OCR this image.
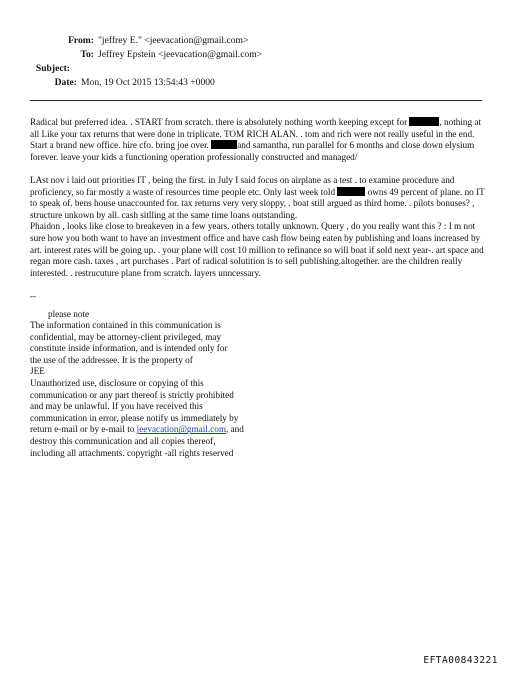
From: "jeffrey E." <jeevacation@gmail.com>
To: Jeffrey Epstein <jeevacation@gmail.com>
Subject:
Date: Mon, 19 Oct 2015 13:54:43 +0000

Radical but preferred idea. . START from scratch. there is absolutely nothing worth keeping except for	, nothing at all Like your tax returns that were done in triplicate. TOM RICH ALAN. . tom and rich were not really useful in the end. Start a brand new office. hire cfo. bring joe over.	and samantha, run parallel for 6 months and close down elysium forever. leave your kids a functioning operation professionally constructed and managed/

LAst nov i laid out priorities IT , being the first. in July I said focus on airplane as a test . to examine procedure and proficiency, so far mostly a waste of resources time people etc. Only last week told	owns 49 percent of plane. no IT to speak of. bens house unaccounted for. tax returns very very sloppy, . boat still argued as third home. . pilots bonuses? , structure unkown by all. cash sitlling at the same time loans outstanding.
Phaidon , looks like close to breakeven in a few years. others totally unknown. Query , do you really want this ? : I m not sure how you both want to have an investment office and have cash flow being eaten by publishing and loans increased by art. interest rates will be going up. . your plane will cost 10 million to refinance so will boat if sold next year-. art space and regan more cash. taxes , art purchases . Part of radical solutition is to sell publishing.altogether. are the children really interested. . restrucuture plane from scratch. layers unncessary.

--
please note
The information contained in this communication is
confidential, may be attorney-client privileged, may
constitute inside information, and is intended only for
the use of the addressee. It is the property of
JEE
Unauthorized use, disclosure or copying of this
communication or any part thereof is strictly prohibited
and may be unlawful. If you have received this
communication in error, please notify us immediately by
return e-mail or by e-mail to jeevacation@gmail.com, and
destroy this communication and all copies thereof,
including all attachments. copyright -all rights reserved
EFTA00843221
